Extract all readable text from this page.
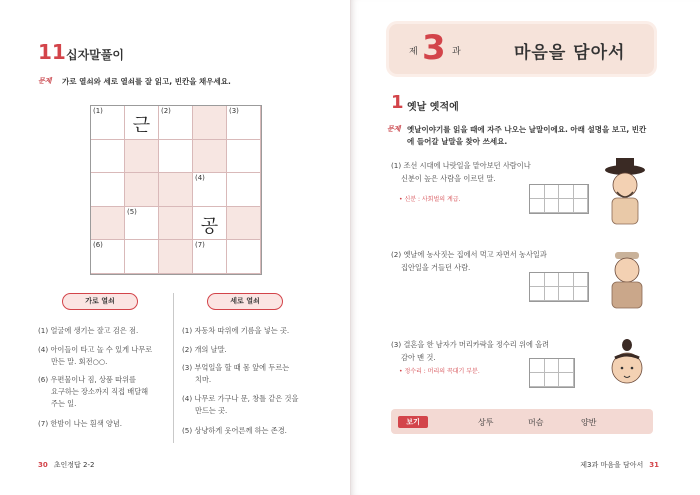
11 십자말풀이
문제 가로 열쇠와 세로 열쇠를 잘 읽고, 빈칸을 채우세요.
(1)
근
(2)	(3)
(4)
(5)
공
(6)	(7)
가로 열쇠	세로 열쇠
(1) 얼굴에 생기는 잘고 검은 점.
(4) 아이들이 타고 놀 수 있게 나무로
만든 말. 회전○○.
(6) 우편물이나 짐, 상품 따위를
요구하는 장소까지 직접 배달해
주는 일.
(7) 한밤이 나는 흰색 양념.
(1) 자동차 따위에 기름을 넣는 곳.
(2) 개의 날말.
(3) 부엌일을 할 때 몸 앞에 두르는
치마.
(4) 나무로 가구나 문, 창틀 같은 것을
만드는 곳.
(5) 상냥하게 웃어른께 하는 존경.
30 초인정답 2-2
제 3 과	마음을 담아서
1 옛날 옛적에
문제 옛날이야기를 읽을 때에 자주 나오는 날말이에요. 아래 설명을 보고, 빈칸에 들어갈 날말을 찾아 쓰세요.
(1) 조선 시대에 나랏일을 맡아보던 사람이나
신분이 높은 사람을 이르던 말.
• 신분 : 사회벌의 계급.
(2) 옛날에 농사짓는 집에서 먹고 자면서 농사일과
집안일을 거들던 사람.
(3) 결혼을 한 남자가 머리카락을 정수리 위에 올려
감아 맨 것.
• 정수리 : 머리의 꼭대기 부분.
보기	상투	머슴	양반
제3과 마음을 담아서 31
